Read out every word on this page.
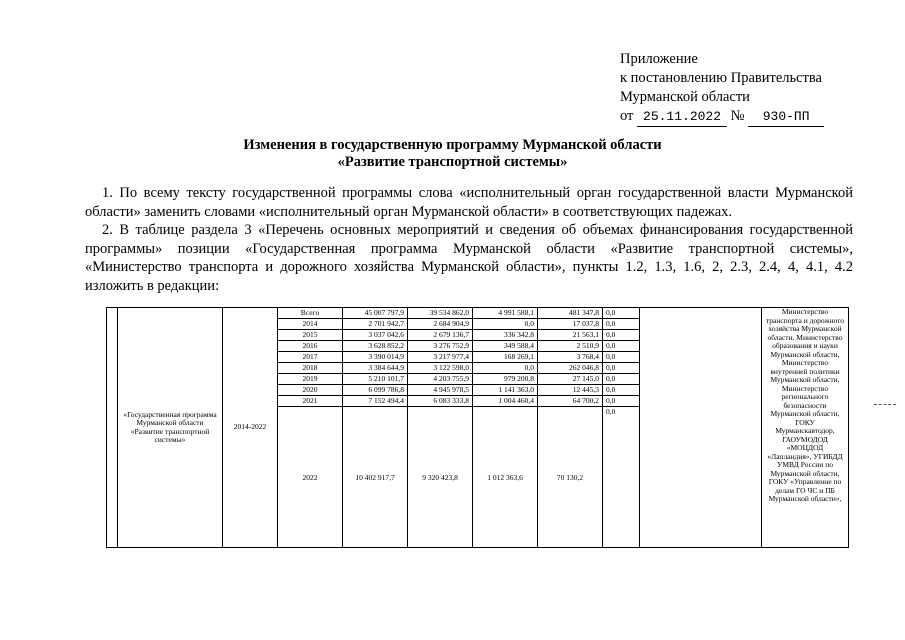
Приложение
к постановлению Правительства
Мурманской области
от 25.11.2022 № 930-ПП
Изменения в государственную программу Мурманской области
«Развитие транспортной системы»
1. По всему тексту государственной программы слова «исполнительный орган государственной власти Мурманской области» заменить словами «исполнительный орган Мурманской области» в соответствующих падежах.
2. В таблице раздела 3 «Перечень основных мероприятий и сведения об объемах финансирования государственной программы» позиции «Государственная программа Мурманской области «Развитие транспортной системы», «Министерство транспорта и дорожного хозяйства Мурманской области», пункты 1.2, 1.3, 1.6, 2, 2.3, 2.4, 4, 4.1, 4.2 изложить в редакции:
	«Государственная программа Мурманской области «Развитие транспортной системы»	2014-2022	Всего	45 007 797,9	39 534 862,0	4 991 588,1	481 347,8	0,0		Министерство транспорта и дорожного хозяйства Мурманской области, Министерство образования и науки Мурманской области, Министерство внутренней политики Мурманской области, Министерство регионального безопасности Мурманской области, ГОКУ Мурманскавтодор, ГАОУМОДОД «МОЦДОД «Лапландия», УГИБДД УМВД России по Мурманской области, ГОКУ «Управление по делам ГО ЧС и ПБ Мурманской области»,
			2014	2 701 942,7	2 684 904,9	0,0	17 037,8	0,0		
			2015	3 037 042,6	2 679 136,7	336 342,8	21 563,1	0,0		
			2016	3 628 852,2	3 276 752,9	349 588,4	2 510,9	0,0		
			2017	3 390 014,9	3 217 977,4	168 269,1	3 768,4	0,0		
			2018	3 384 644,9	3 122 598,0	0,0	262 046,8	0,0		
			2019	5 210 101,7	4 203 755,9	979 200,8	27 145,0	0,0		
			2020	6 099 786,8	4 945 978,5	1 141 363,0	12 445,3	0,0		
			2021	7 152 494,4	6 083 333,8	1 004 460,4	64 700,2	0,0		
			2022	10 402 917,7	9 320 423,8	1 012 363,6	70 130,2	0,0		
